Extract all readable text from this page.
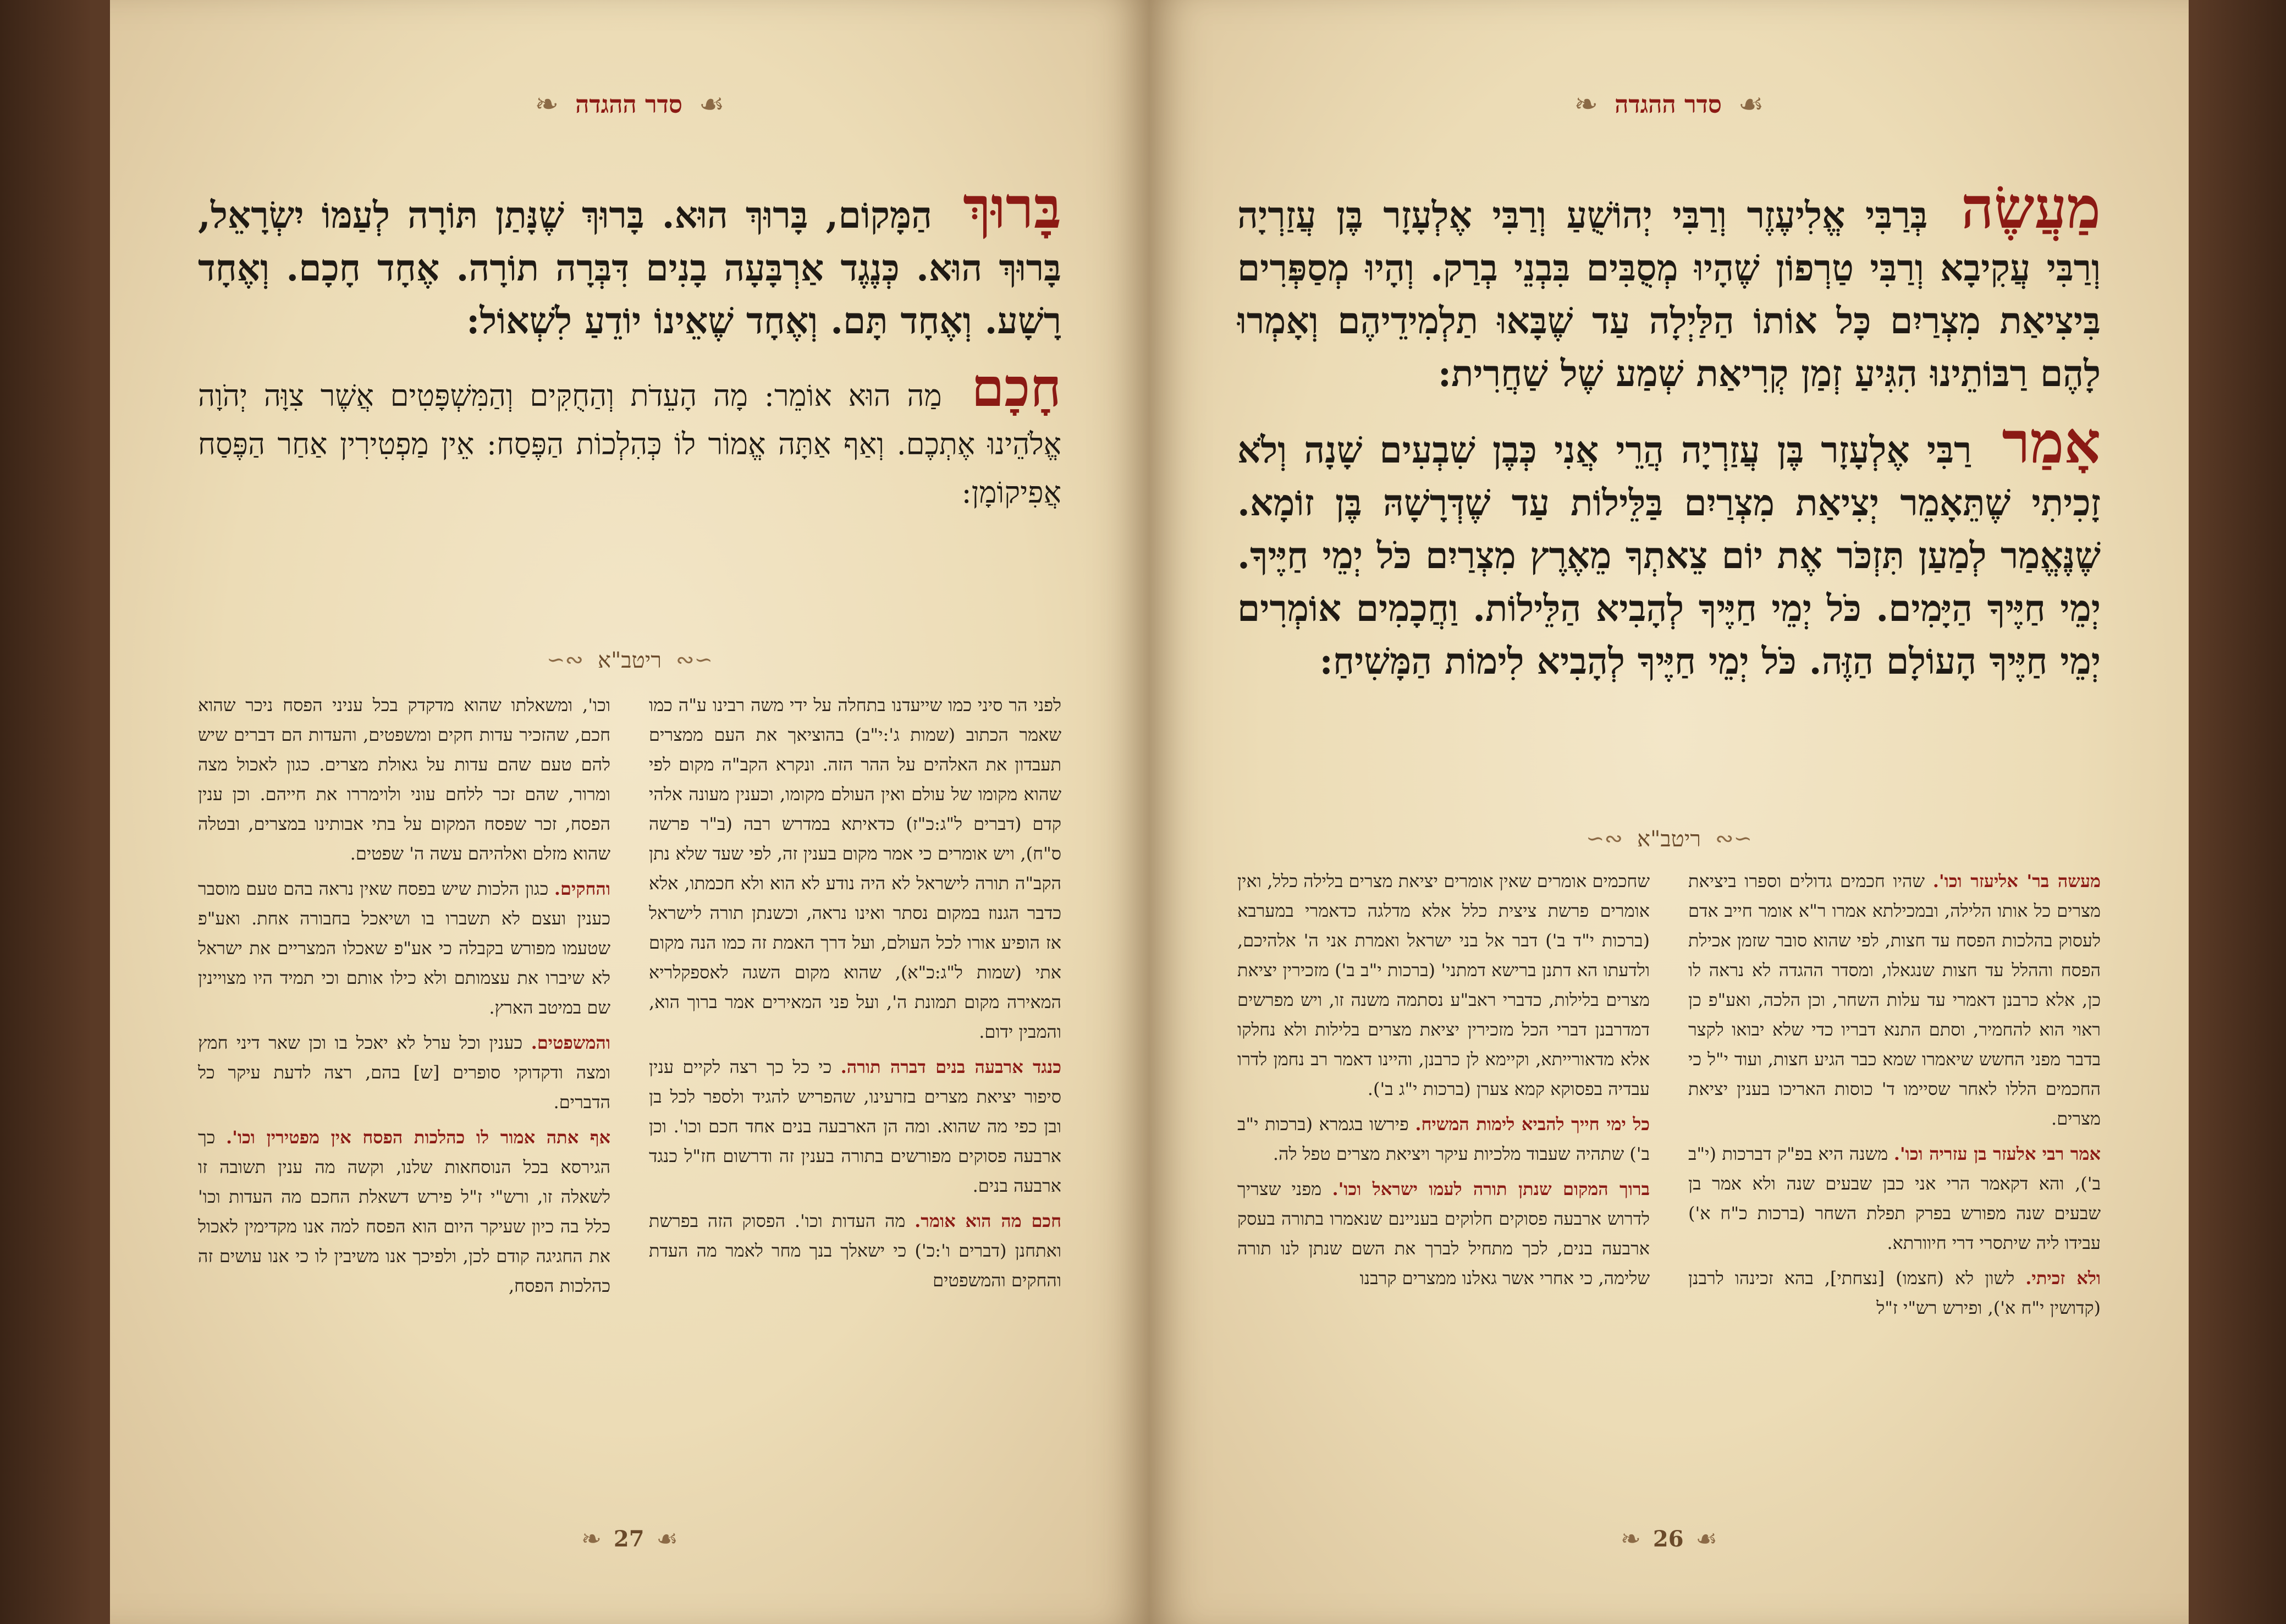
❧ סדר ההגדה ☙

בָּרוּךְ הַמָּקוֹם, בָּרוּךְ הוּא. בָּרוּךְ שֶׁנָּתַן תּוֹרָה לְעַמּוֹ יִשְׂרָאֵל, בָּרוּךְ הוּא. כְּנֶגֶד אַרְבָּעָה בָנִים דִּבְּרָה תוֹרָה. אֶחָד חָכָם. וְאֶחָד רָשָׁע. וְאֶחָד תָּם. וְאֶחָד שֶׁאֵינוֹ יוֹדֵעַ לִשְׁאוֹל:

חָכָם מַה הוּא אוֹמֵר: מָה הָעֵדֹת וְהַחֻקִּים וְהַמִּשְׁפָּטִים אֲשֶׁר צִוָּה יְהֹוָה אֱלֹהֵינוּ אֶתְכֶם. וְאַף אַתָּה אֱמוֹר לוֹ כְּהִלְכוֹת הַפֶּסַח: אֵין מַפְטִירִין אַחַר הַפֶּסַח אֲפִיקוֹמָן:

∽∾ ריטב"א ∾∽

לפני הר סיני כמו שייעדנו בתחלה על ידי משה רבינו ע"ה כמו שאמר הכתוב (שמות ג':י"ב) בהוציאך את העם ממצרים תעבדון את האלהים על ההר הזה. ונקרא הקב"ה מקום לפי שהוא מקומו של עולם ואין העולם מקומו, וכענין מעונה אלהי קדם (דברים ל"ג:כ"ז) כדאיתא במדרש רבה (ב"ר פרשה ס"ח), ויש אומרים כי אמר מקום בענין זה, לפי שעד שלא נתן הקב"ה תורה לישראל לא היה נודע לא הוא ולא חכמתו, אלא כדבר הגנוז במקום נסתר ואינו נראה, וכשנתן תורה לישראל אז הופיע אורו לכל העולם, ועל דרך האמת זה כמו הנה מקום אתי (שמות ל"ג:כ"א), שהוא מקום השגה לאספקלריא המאירה מקום תמונת ה', ועל פני המאירים אמר ברוך הוא, והמבין ידום.

כנגד ארבעה בנים דברה תורה. כי כל כך רצה לקיים ענין סיפור יציאת מצרים בזרעינו, שהפריש להגיד ולספר לכל בן ובן כפי מה שהוא. ומה הן הארבעה בנים אחד חכם וכו'. וכן ארבעה פסוקים מפורשים בתורה בענין זה ודרשום חז"ל כנגד ארבעה בנים.

חכם מה הוא אומר. מה העדות וכו'. הפסוק הזה בפרשת ואתחנן (דברים ו':כ') כי ישאלך בנך מחר לאמר מה העדת והחקים והמשפטים

וכו', ומשאלתו שהוא מדקדק בכל עניני הפסח ניכר שהוא חכם, שהזכיר עדות חקים ומשפטים, והעדות הם דברים שיש להם טעם שהם עדות על גאולת מצרים. כגון לאכול מצה ומרור, שהם זכר ללחם עוני ולוימררו את חייהם. וכן ענין הפסח, זכר שפסח המקום על בתי אבותינו במצרים, ובטלה שהוא מזלם ואלהיהם עשה ה' שפטים.

והחקים. כגון הלכות שיש בפסח שאין נראה בהם טעם מוסבר כענין ועצם לא תשברו בו ושיאכל בחבורה אחת. ואע"פ שטעמו מפורש בקבלה כי אע"פ שאכלו המצריים את ישראל לא שיברו את עצמותם ולא כילו אותם וכי תמיד היו מצויינין שם במיטב הארץ.

והמשפטים. כענין וכל ערל לא יאכל בו וכן שאר דיני חמץ ומצה ודקדוקי סופרים [ש] בהם, רצה לדעת עיקר כל הדברים.

אף אתה אמור לו כהלכות הפסח אין מפטירין וכו'. כך הגירסא בכל הנוסחאות שלנו, וקשה מה ענין תשובה זו לשאלה זו, ורש"י ז"ל פירש דשאלת החכם מה העדות וכו' כלל בה כיון שעיקר היום הוא הפסח למה אנו מקדימין לאכול את החגיגה קודם לכן, ולפיכך אנו משיבין לו כי אנו עושים זה כהלכות הפסח,

❧ 27 ☙
❧ סדר ההגדה ☙

מַעֲשֶׂה בְּרַבִּי אֱלִיעֶזֶר וְרַבִּי יְהוֹשֻׁעַ וְרַבִּי אֶלְעָזָר בֶּן עֲזַרְיָה וְרַבִּי עֲקִיבָא וְרַבִּי טַרְפוֹן שֶׁהָיוּ מְסֻבִּים בִּבְנֵי בְרַק. וְהָיוּ מְסַפְּרִים בִּיצִיאַת מִצְרַיִם כָּל אוֹתוֹ הַלַּיְלָה עַד שֶׁבָּאוּ תַלְמִידֵיהֶם וְאָמְרוּ לָהֶם רַבּוֹתֵינוּ הִגִּיעַ זְמַן קְרִיאַת שְׁמַע שֶׁל שַׁחֲרִית:

אָמַר רַבִּי אֶלְעָזָר בֶּן עֲזַרְיָה הֲרֵי אֲנִי כְּבֶן שִׁבְעִים שָׁנָה וְלֹא זָכִיתִי שֶׁתֵּאָמֵר יְצִיאַת מִצְרַיִם בַּלֵּילוֹת עַד שֶׁדְּרָשָׁהּ בֶּן זוֹמָא. שֶׁנֶּאֱמַר לְמַעַן תִּזְכֹּר אֶת יוֹם צֵאתְךָ מֵאֶרֶץ מִצְרַיִם כֹּל יְמֵי חַיֶּיךָ. יְמֵי חַיֶּיךָ הַיָּמִים. כֹּל יְמֵי חַיֶּיךָ לְהָבִיא הַלֵּילוֹת. וַחֲכָמִים אוֹמְרִים יְמֵי חַיֶּיךָ הָעוֹלָם הַזֶּה. כֹּל יְמֵי חַיֶּיךָ לְהָבִיא לִימוֹת הַמָּשִׁיחַ:

∽∾ ריטב"א ∾∽

מעשה בר' אליעזר וכו'. שהיו חכמים גדולים וספרו ביציאת מצרים כל אותו הלילה, ובמכילתא אמרו ר"א אומר חייב אדם לעסוק בהלכות הפסח עד חצות, לפי שהוא סובר שזמן אכילת הפסח וההלל עד חצות שנגאלו, ומסדר ההגדה לא נראה לו כן, אלא כרבנן דאמרי עד עלות השחר, וכן הלכה, ואע"פ כן ראוי הוא להחמיר, וסתם התנא דבריו כדי שלא יבואו לקצר בדבר מפני החשש שיאמרו שמא כבר הגיע חצות, ועוד י"ל כי החכמים הללו לאחר שסיימו ד' כוסות האריכו בענין יציאת מצרים.

אמר רבי אלעזר בן עזריה וכו'. משנה היא בפ"ק דברכות (י"ב ב'), והא דקאמר הרי אני כבן שבעים שנה ולא אמר בן שבעים שנה מפורש בפרק תפלת השחר (ברכות כ"ח א') עבידו ליה שיתסרי דרי חיוורתא.

ולא זכיתי. לשון לא (חצמו) [נצחתי], בהא זכינהו לרבנן (קדושין י"ח א'), ופירש רש"י ז"ל

שחכמים אומרים שאין אומרים יציאת מצרים בלילה כלל, ואין אומרים פרשת ציצית כלל אלא מדלגה כדאמרי במערבא (ברכות י"ד ב') דבר אל בני ישראל ואמרת אני ה' אלהיכם, ולדעתו הא דתנן ברישא דמתני' (ברכות י"ב ב') מזכירין יציאת מצרים בלילות, כדברי ראב"ע נסתמה משנה זו, ויש מפרשים דמדרבנן דברי הכל מזכירין יציאת מצרים בלילות ולא נחלקו אלא מדאורייתא, וקיימא לן כרבנן, והיינו דאמר רב נחמן לדרו עבדיה בפסוקא קמא צערן (ברכות י"ג ב').

כל ימי חייך להביא לימות המשיח. פירשו בגמרא (ברכות י"ב ב') שתהיה שעבוד מלכיות עיקר ויציאת מצרים טפל לה.

ברוך המקום שנתן תורה לעמו ישראל וכו'. מפני שצריך לדרוש ארבעה פסוקים חלוקים בעניינם שנאמרו בתורה בעסק ארבעה בנים, לכך מתחיל לברך את השם שנתן לנו תורה שלימה, כי אחרי אשר גאלנו ממצרים קרבנו

❧ 26 ☙
